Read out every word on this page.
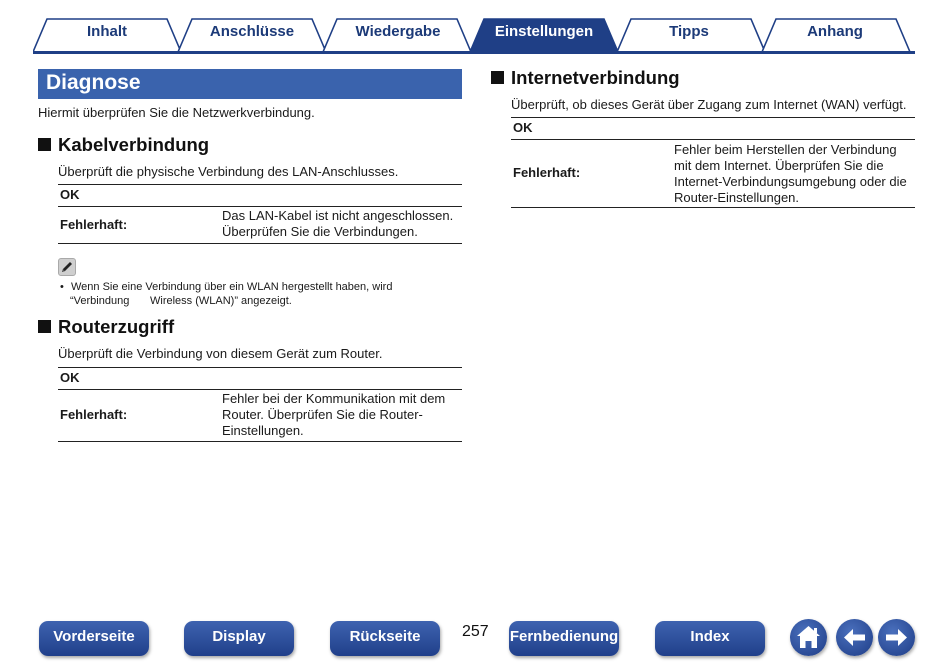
Inhalt	Anschlüsse	Wiedergabe	Einstellungen	Tipps	Anhang
Diagnose
Hiermit überprüfen Sie die Netzwerkverbindung.
Kabelverbindung
Überprüft die physische Verbindung des LAN-Anschlusses.
OK
Fehlerhaft:
Das LAN-Kabel ist nicht angeschlossen.
Überprüfen Sie die Verbindungen.
• Wenn Sie eine Verbindung über ein WLAN hergestellt haben, wird
“Verbindung Wireless (WLAN)” angezeigt.
Routerzugriff
Überprüft die Verbindung von diesem Gerät zum Router.
OK
Fehlerhaft:
Fehler bei der Kommunikation mit dem
Router. Überprüfen Sie die Router-
Einstellungen.
Internetverbindung
Überprüft, ob dieses Gerät über Zugang zum Internet (WAN) verfügt.
OK
Fehlerhaft:
Fehler beim Herstellen der Verbindung
mit dem Internet. Überprüfen Sie die
Internet-Verbindungsumgebung oder die
Router-Einstellungen.
Vorderseite	Display	Rückseite	257 Fernbedienung	Index
